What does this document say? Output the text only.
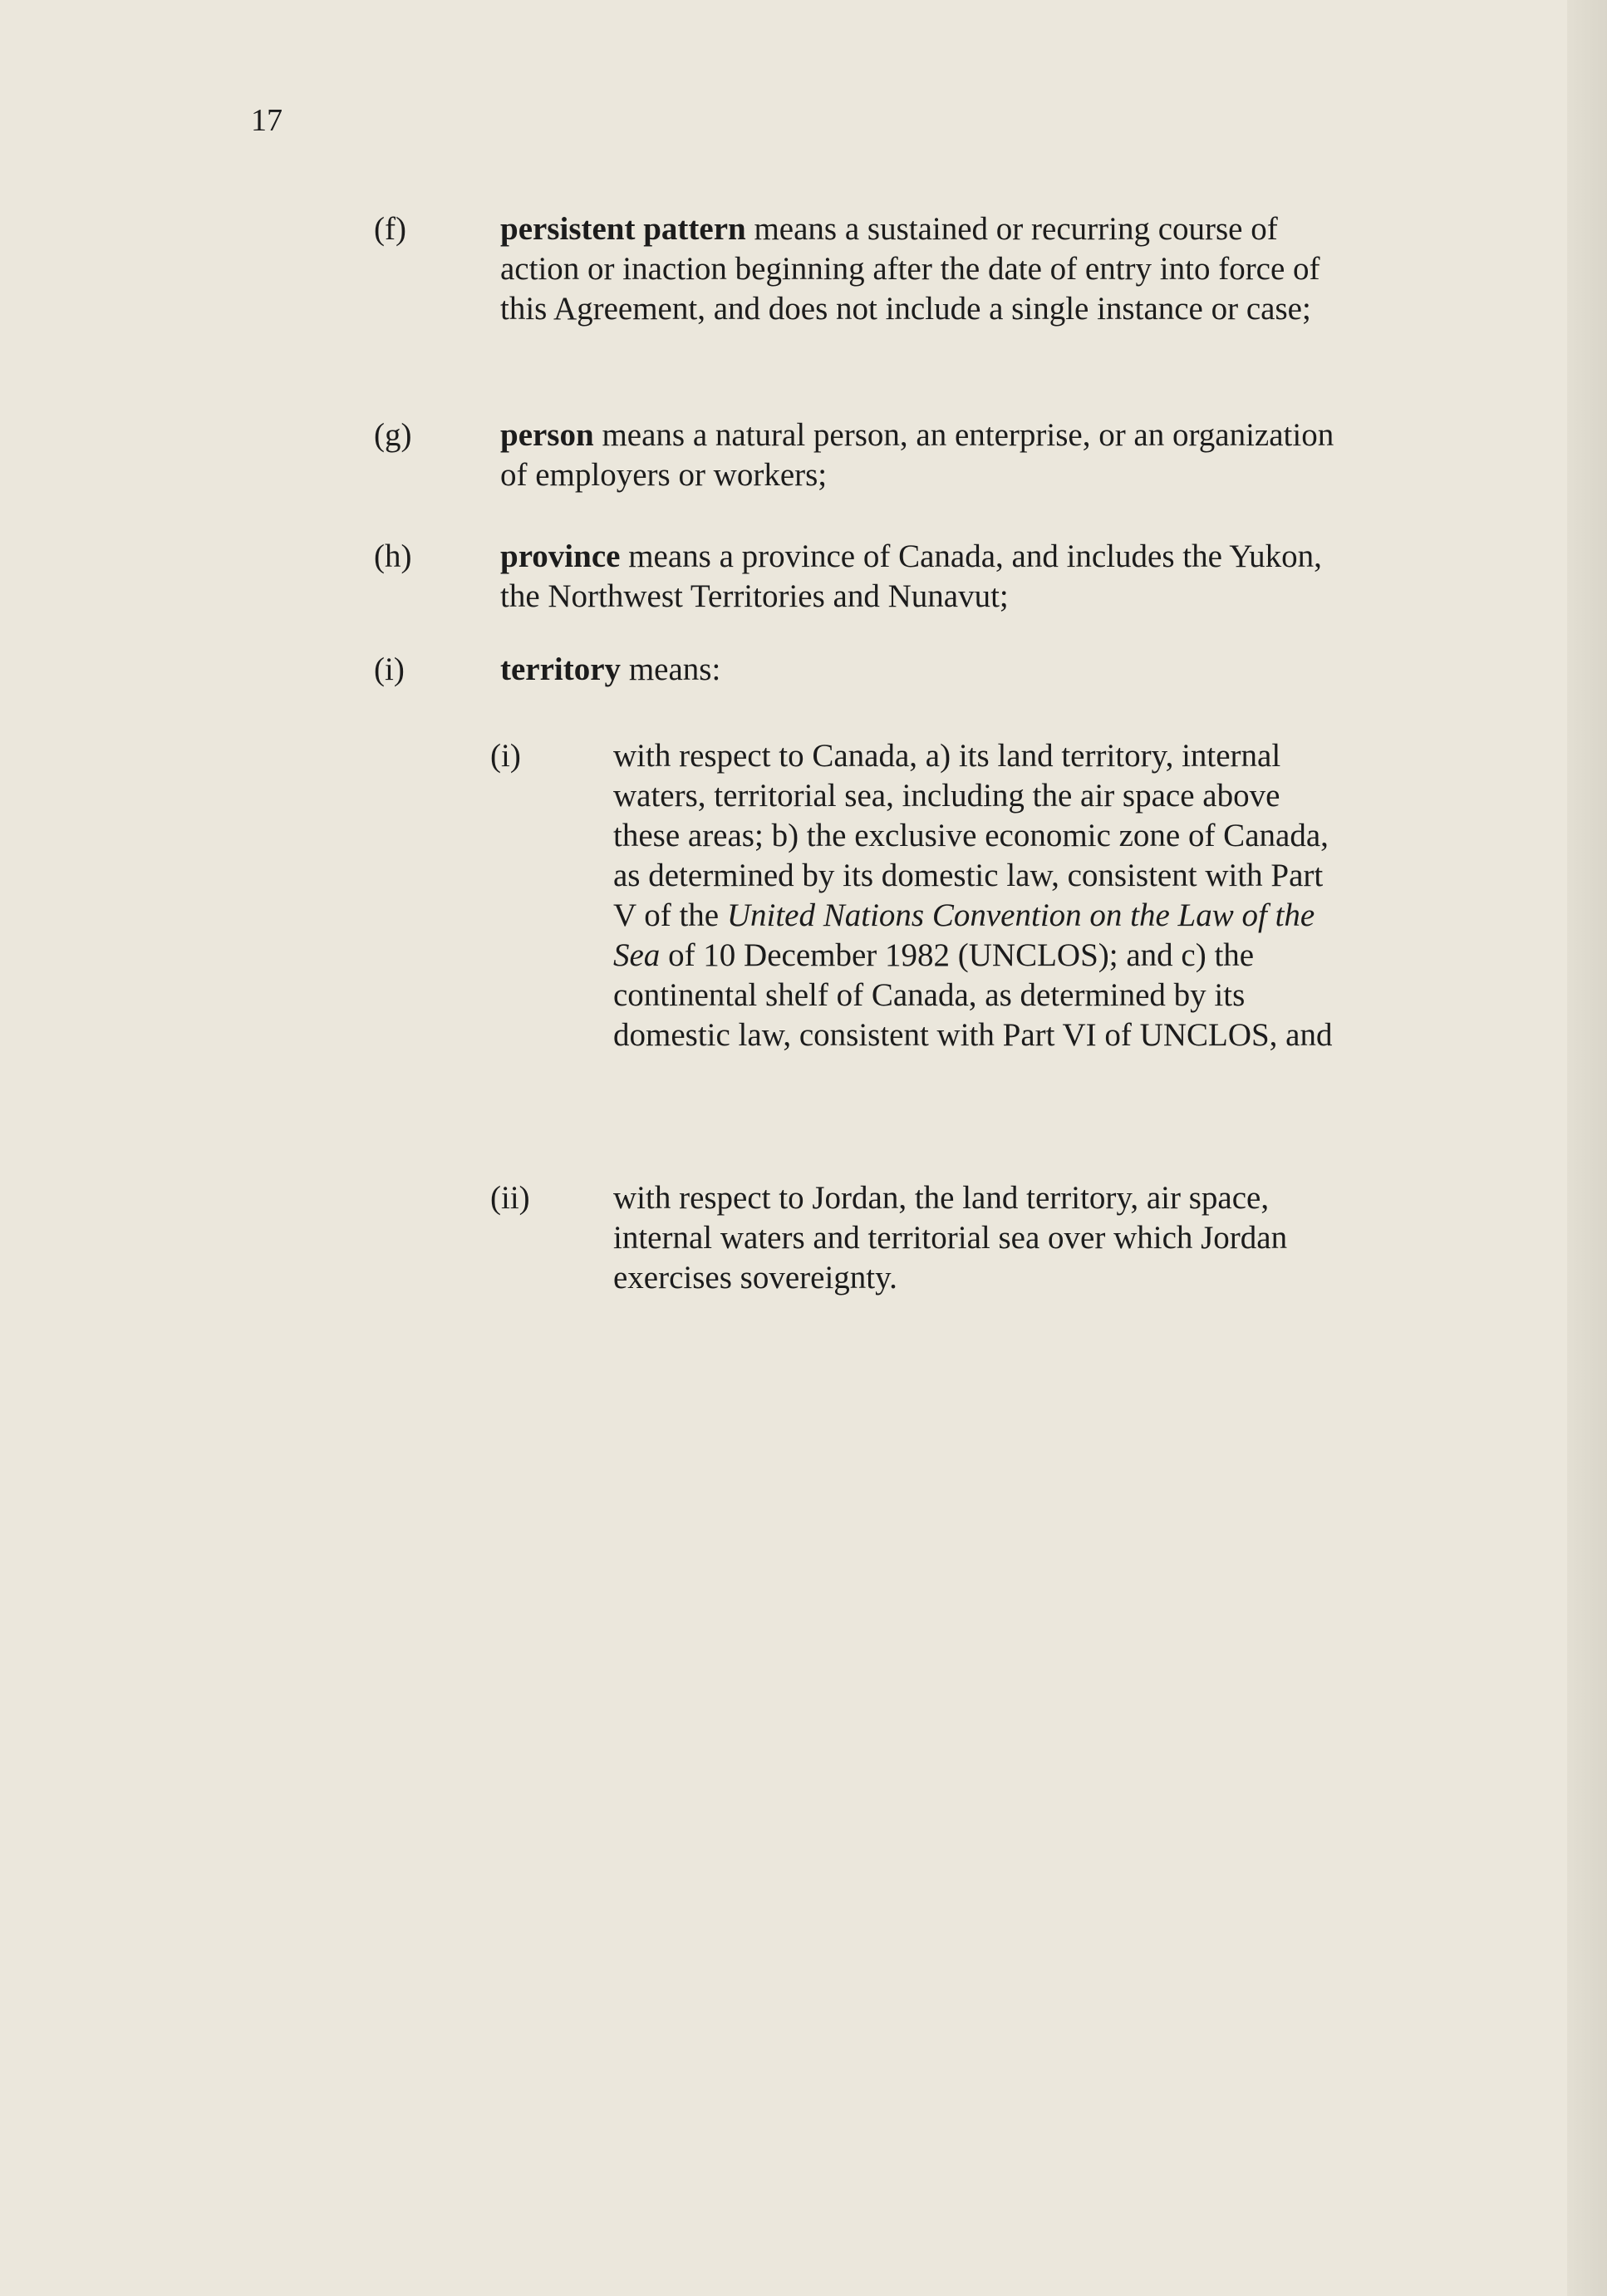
17
(f)	persistent pattern means a sustained or recurring course of action or inaction beginning after the date of entry into force of this Agreement, and does not include a single instance or case;
(g)	person means a natural person, an enterprise, or an organization of employers or workers;
(h)	province means a province of Canada, and includes the Yukon, the Northwest Territories and Nunavut;
(i)	territory means:
(i)	with respect to Canada, a) its land territory, internal waters, territorial sea, including the air space above these areas; b) the exclusive economic zone of Canada, as determined by its domestic law, consistent with Part V of the United Nations Convention on the Law of the Sea of 10 December 1982 (UNCLOS); and c) the continental shelf of Canada, as determined by its domestic law, consistent with Part VI of UNCLOS, and
(ii)	with respect to Jordan, the land territory, air space, internal waters and territorial sea over which Jordan exercises sovereignty.
